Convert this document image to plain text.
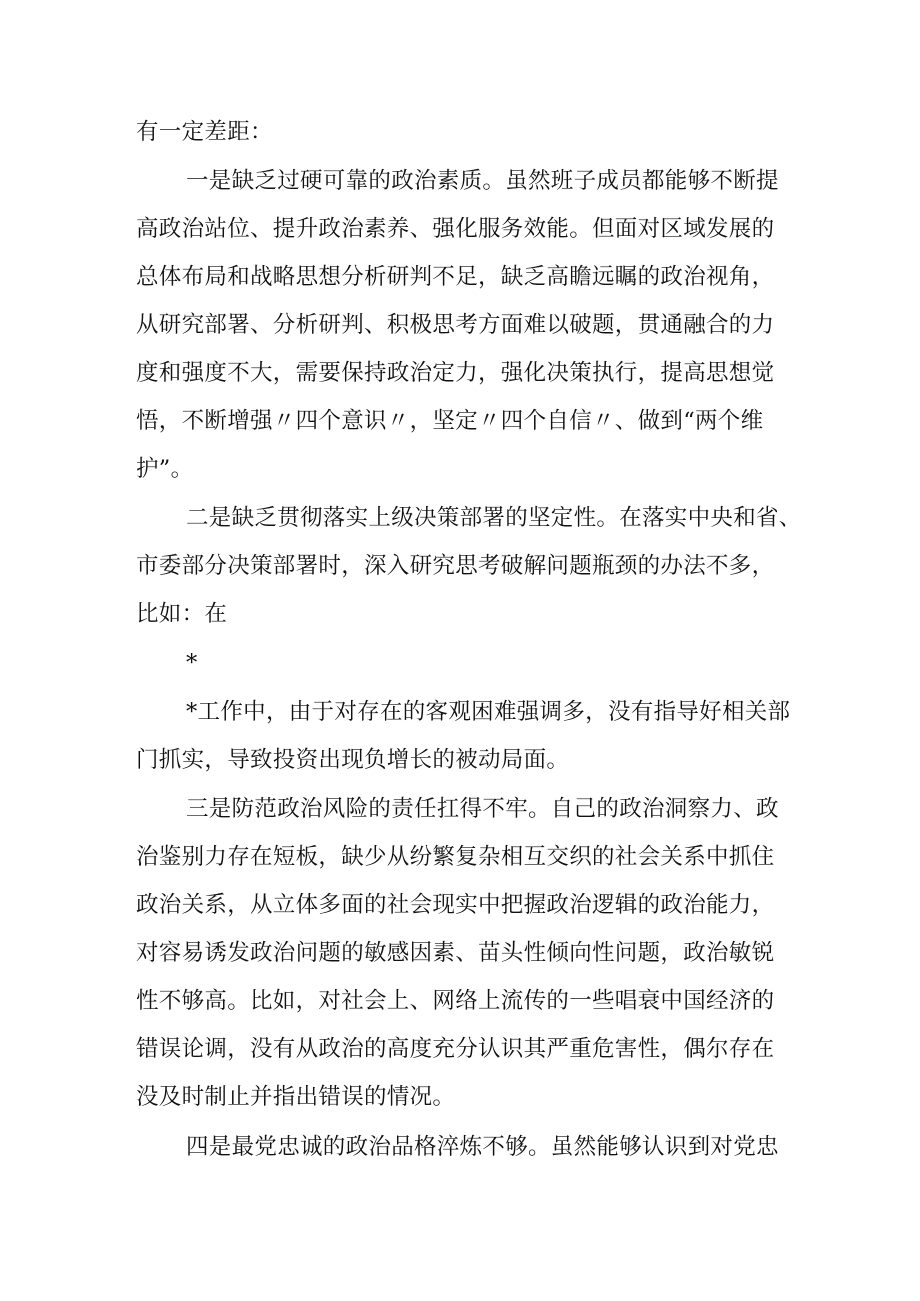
有一定差距：
一是缺乏过硬可靠的政治素质。虽然班子成员都能够不断提
高政治站位、提升政治素养、强化服务效能。但面对区域发展的
总体布局和战略思想分析研判不足，缺乏高瞻远瞩的政治视角，
从研究部署、分析研判、积极思考方面难以破题，贯通融合的力
度和强度不大，需要保持政治定力，强化决策执行，提高思想觉
悟，不断增强〃四个意识〃，坚定〃四个自信〃、做到“两个维
护”。
二是缺乏贯彻落实上级决策部署的坚定性。在落实中央和省、
市委部分决策部署时，深入研究思考破解问题瓶颈的办法不多，
比如：在
*
*工作中，由于对存在的客观困难强调多，没有指导好相关部
门抓实，导致投资出现负增长的被动局面。
三是防范政治风险的责任扛得不牢。自己的政治洞察力、政
治鉴别力存在短板，缺少从纷繁复杂相互交织的社会关系中抓住
政治关系，从立体多面的社会现实中把握政治逻辑的政治能力，
对容易诱发政治问题的敏感因素、苗头性倾向性问题，政治敏锐
性不够高。比如，对社会上、网络上流传的一些唱衰中国经济的
错误论调，没有从政治的高度充分认识其严重危害性，偶尔存在
没及时制止并指出错误的情况。
四是最党忠诚的政治品格淬炼不够。虽然能够认识到对党忠
